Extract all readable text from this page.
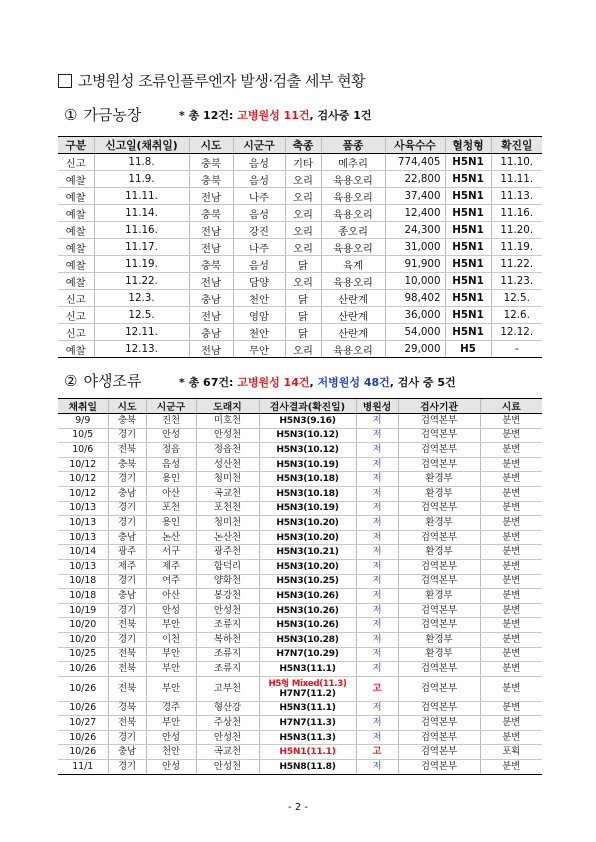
고병원성 조류인플루엔자 발생·검출 세부 현황
① 가금농장	* 총 12건: 고병원성 11건, 검사중 1건
구분	신고일(채취일)	시도	시군구	축종	품종	사육수수	혈청형	확진일
신고	11.8.	충북	음성	기타	메추리	774,405	H5N1	11.10.
예찰	11.9.	충북	음성	오리	육용오리	22,800	H5N1	11.11.
예찰	11.11.	전남	나주	오리	육용오리	37,400	H5N1	11.13.
예찰	11.14.	충북	음성	오리	육용오리	12,400	H5N1	11.16.
예찰	11.16.	전남	강진	오리	종오리	24,300	H5N1	11.20.
예찰	11.17.	전남	나주	오리	육용오리	31,000	H5N1	11.19.
예찰	11.19.	충북	음성	닭	육계	91,900	H5N1	11.22.
예찰	11.22.	전남	담양	오리	육용오리	10,000	H5N1	11.23.
신고	12.3.	충남	천안	닭	산란계	98,402	H5N1	12.5.
신고	12.5.	전남	영암	닭	산란계	36,000	H5N1	12.6.
신고	12.11.	충남	천안	닭	산란계	54,000	H5N1	12.12.
예찰	12.13.	전남	무안	오리	육용오리	29,000	H5	-
② 야생조류	* 총 67건: 고병원성 14건, 저병원성 48건, 검사 중 5건
채취일	시도	시군구	도래지	검사결과(확진일)	병원성	검사기관	시료
9/9	충북	진천	미호천	H5N3(9.16)	저	검역본부	분변
10/5	경기	안성	안성천	H5N3(10.12)	저	검역본부	분변
10/6	전북	정읍	정읍천	H5N3(10.12)	저	검역본부	분변
10/12	충북	음성	성산천	H5N3(10.19)	저	검역본부	분변
10/12	경기	용인	청미천	H5N3(10.18)	저	환경부	분변
10/12	충남	아산	곡교천	H5N3(10.18)	저	환경부	분변
10/13	경기	포천	포천천	H5N3(10.19)	저	검역본부	분변
10/13	경기	용인	청미천	H5N3(10.20)	저	환경부	분변
10/13	충남	논산	논산천	H5N3(10.20)	저	검역본부	분변
10/14	광주	서구	광주천	H5N3(10.21)	저	환경부	분변
10/13	제주	제주	함덕리	H5N3(10.20)	저	검역본부	분변
10/18	경기	여주	양화천	H5N3(10.25)	저	검역본부	분변
10/18	충남	아산	봉강천	H5N3(10.26)	저	환경부	분변
10/19	경기	안성	안성천	H5N3(10.26)	저	검역본부	분변
10/20	전북	부안	조류지	H5N3(10.26)	저	검역본부	분변
10/20	경기	이천	복하천	H5N3(10.28)	저	환경부	분변
10/25	전북	부안	조류지	H7N7(10.29)	저	환경부	분변
10/26	전북	부안	조류지	H5N3(11.1)	저	검역본부	분변
10/26	전북	부안	고부천	H5형 Mixed(11.3)
H7N7(11.2)	고	검역본부	분변
10/26	경북	경주	형산강	H5N3(11.1)	저	검역본부	분변
10/27	전북	부안	주상천	H7N7(11.3)	저	검역본부	분변
10/26	경기	안성	안성천	H5N3(11.3)	저	검역본부	분변
10/26	충남	천안	곡교천	H5N1(11.1)	고	검역본부	포획
11/1	경기	안성	안성천	H5N8(11.8)	저	검역본부	분변
- 2 -
